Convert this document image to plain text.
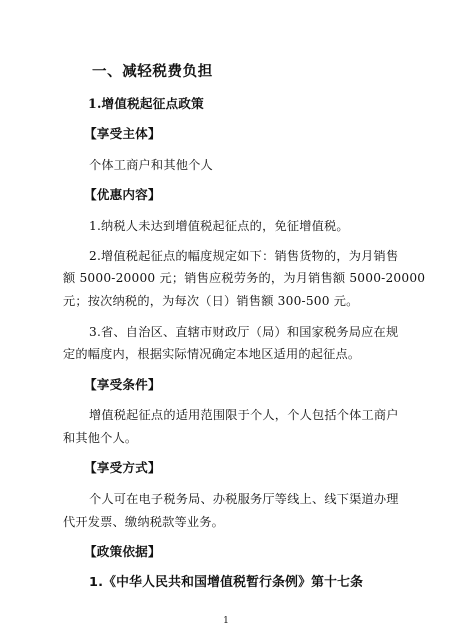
一、减轻税费负担
1.增值税起征点政策
【享受主体】
个体工商户和其他个人
【优惠内容】
1.纳税人未达到增值税起征点的，免征增值税。
2.增值税起征点的幅度规定如下：销售货物的，为月销售
额 5000-20000 元；销售应税劳务的，为月销售额 5000-20000
元；按次纳税的，为每次（日）销售额 300-500 元。
3.省、自治区、直辖市财政厅（局）和国家税务局应在规
定的幅度内，根据实际情况确定本地区适用的起征点。
【享受条件】
增值税起征点的适用范围限于个人，个人包括个体工商户
和其他个人。
【享受方式】
个人可在电子税务局、办税服务厅等线上、线下渠道办理
代开发票、缴纳税款等业务。
【政策依据】
1.《中华人民共和国增值税暂行条例》第十七条
1
